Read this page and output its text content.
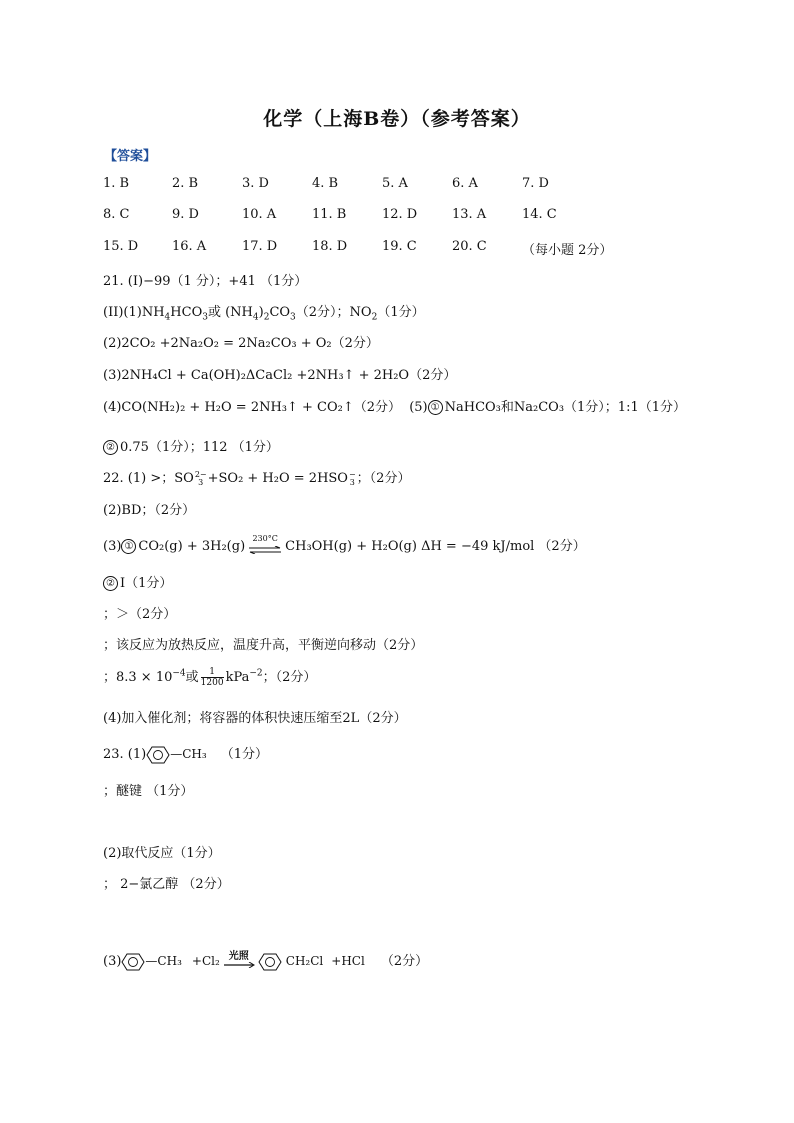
化学（上海B卷）（参考答案）
【答案】
1. B	2. B	3. D	4. B	5. A	6. A	7. D
8. C	9. D	10. A	11. B	12. D	13. A	14. C
15. D	16. A	17. D	18. D	19. C	20. C	（每小题 2分）
21. (I)−99（1 分）；+41 （1分）
$(II)(1)NH_4HCO_3$或 $(NH_4)_2CO_3(2$分）；$NO_2(1$分）
(2)2CO₂ +2Na₂O₂ = 2Na₂CO₃ + O₂（2分）
(3)2NH₄Cl + Ca(OH)₂ΔCaCl₂ +2NH₃↑ + 2H₂O（2分）
(4)CO(NH₂)₂ + H₂O = 2NH₃↑ + CO₂↑（2分） (5) ① NaHCO₃和Na₂CO₃（1分）；1:1（1分）
② 0.75（1分）；112 （1分）
22. (1) >；SO 2−
3 +SO₂ + H₂O = 2HSO −
3 ；（2分）
(2)BD；（2分）
(3) ① CO₂(g) + 3H₂(g)
230°C
CH₃OH(g) + H₂O(g) ΔH = −49 kJ/mol （2分）
② I（1分）
；＞（2分）
；该反应为放热反应，温度升高，平衡逆向移动（2分）
；$8.3 \times 10^{-4}$或 $\frac{1}{1200} kPa^{-2}$；（2分）
(4)加入催化剂；将容器的体积快速压缩至2L（2分）
23. (1) —CH₃ （1分）
；醚键 （1分）
(2)取代反应（1分）
； 2−氯乙醇 （2分）
(3) —CH₃ +Cl₂ 光照	CH₂Cl +HCl （2分）
